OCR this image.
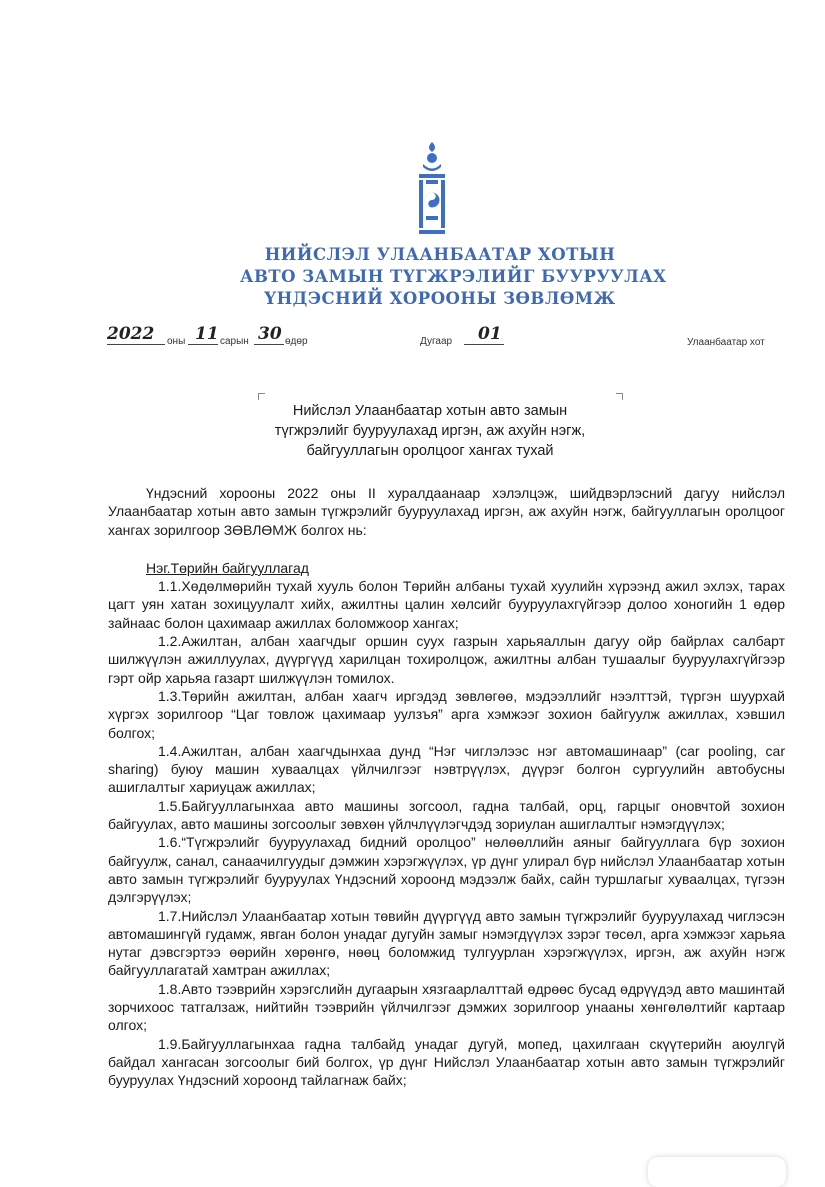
НИЙСЛЭЛ УЛААНБААТАР ХОТЫН
АВТО ЗАМЫН ТҮГЖРЭЛИЙГ БУУРУУЛАХ
ҮНДЭСНИЙ ХОРООНЫ ЗӨВЛӨМЖ
2022 оны 11 сарын 30 өдөр	Дугаар 01	Улаанбаатар хот
Нийслэл Улаанбаатар хотын авто замын
түгжрэлийг бууруулахад иргэн, аж ахуйн нэгж,
байгууллагын оролцоог хангах тухай

Үндэсний хорооны 2022 оны II хуралдаанаар хэлэлцэж, шийдвэрлэсний дагуу нийслэл Улаанбаатар хотын авто замын түгжрэлийг бууруулахад иргэн, аж ахуйн нэгж, байгууллагын оролцоог хангах зорилгоор ЗӨВЛӨМЖ болгох нь:

Нэг.Төрийн байгууллагад

1.1.Хөдөлмөрийн тухай хууль болон Төрийн албаны тухай хуулийн хүрээнд ажил эхлэх, тарах цагт уян хатан зохицуулалт хийх, ажилтны цалин хөлсийг бууруулахгүйгээр долоо хоногийн 1 өдөр зайнаас болон цахимаар ажиллах боломжоор хангах;

1.2.Ажилтан, албан хаагчдыг оршин суух газрын харьяаллын дагуу ойр байрлах салбарт шилжүүлэн ажиллуулах, дүүргүүд харилцан тохиролцож, ажилтны албан тушаалыг бууруулахгүйгээр гэрт ойр харьяа газарт шилжүүлэн томилох.

1.3.Төрийн ажилтан, албан хаагч иргэдэд зөвлөгөө, мэдээллийг нээлттэй, түргэн шуурхай хүргэх зорилгоор “Цаг товлож цахимаар уулзъя” арга хэмжээг зохион байгуулж ажиллах, хэвшил болгох;

1.4.Ажилтан, албан хаагчдынхаа дунд “Нэг чиглэлээс нэг автомашинаар” (car pooling, car sharing) буюу машин хуваалцах үйлчилгээг нэвтрүүлэх, дүүрэг болгон сургуулийн автобусны ашиглалтыг хариуцаж ажиллах;

1.5.Байгууллагынхаа авто машины зогсоол, гадна талбай, орц, гарцыг оновчтой зохион байгуулах, авто машины зогсоолыг зөвхөн үйлчлүүлэгчдэд зориулан ашиглалтыг нэмэгдүүлэх;

1.6.“Түгжрэлийг бууруулахад бидний оролцоо” нөлөөллийн аяныг байгууллага бүр зохион байгуулж, санал, санаачилгуудыг дэмжин хэрэгжүүлэх, үр дүнг улирал бүр нийслэл Улаанбаатар хотын авто замын түгжрэлийг бууруулах Үндэсний хороонд мэдээлж байх, сайн туршлагыг хуваалцах, түгээн дэлгэрүүлэх;

1.7.Нийслэл Улаанбаатар хотын төвийн дүүргүүд авто замын түгжрэлийг бууруулахад чиглэсэн автомашингүй гудамж, явган болон унадаг дугуйн замыг нэмэгдүүлэх зэрэг төсөл, арга хэмжээг харьяа нутаг дэвсгэртээ өөрийн хөрөнгө, нөөц боломжид тулгуурлан хэрэгжүүлэх, иргэн, аж ахуйн нэгж байгууллагатай хамтран ажиллах;

1.8.Авто тээврийн хэрэгслийн дугаарын хязгаарлалттай өдрөөс бусад өдрүүдэд авто машинтай зорчихоос татгалзаж, нийтийн тээврийн үйлчилгээг дэмжих зорилгоор унааны хөнгөлөлтийг картаар олгох;

1.9.Байгууллагынхаа гадна талбайд унадаг дугуй, мопед, цахилгаан скүүтерийн аюулгүй байдал хангасан зогсоолыг бий болгох, үр дүнг Нийслэл Улаанбаатар хотын авто замын түгжрэлийг бууруулах Үндэсний хороонд тайлагнаж байх;
